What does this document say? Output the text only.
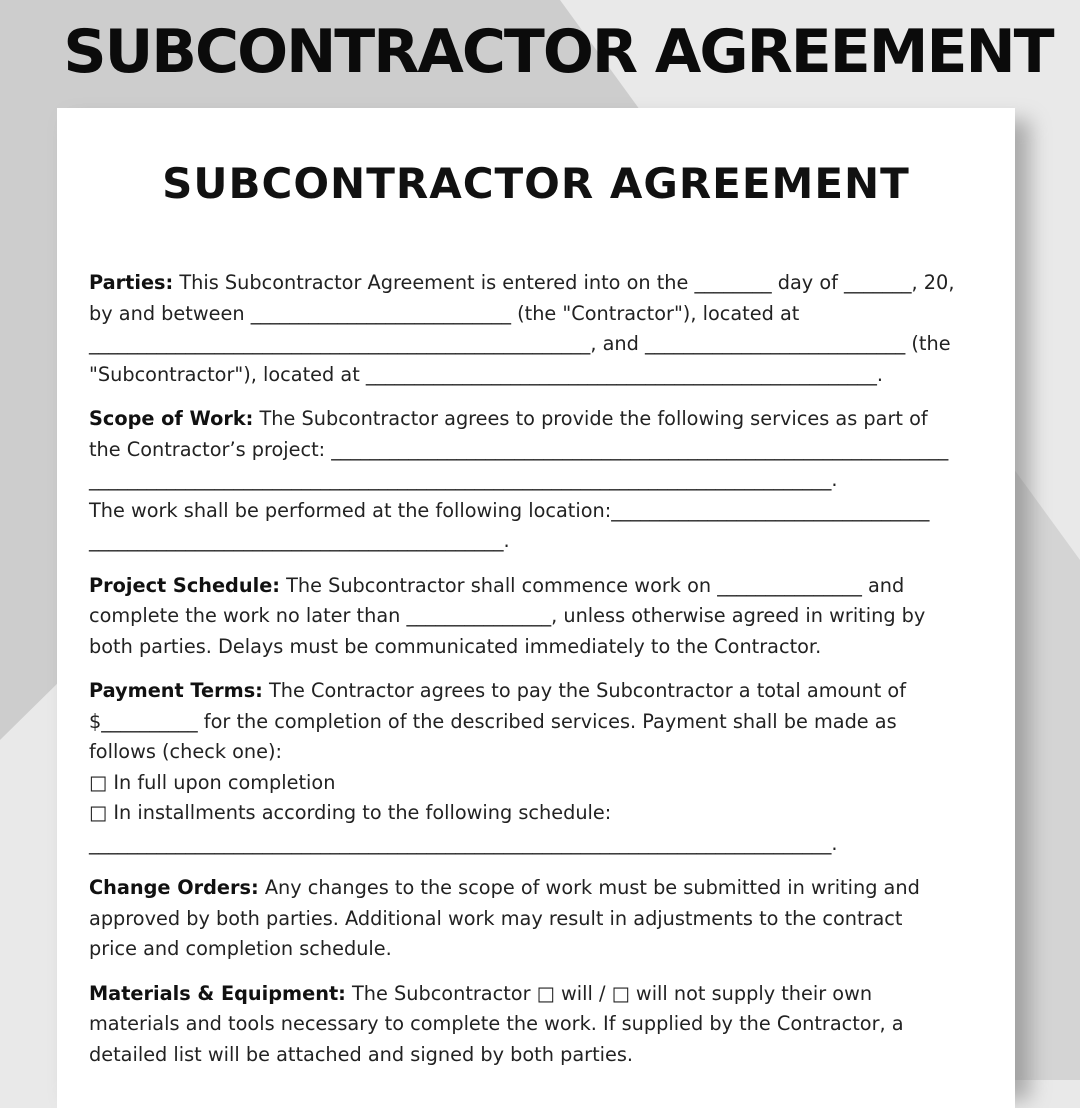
SUBCONTRACTOR AGREEMENT
SUBCONTRACTOR AGREEMENT

Parties: This Subcontractor Agreement is entered into on the ________ day of _______, 20,
by and between ___________________________ (the "Contractor"), located at
____________________________________________________, and ___________________________ (the
"Subcontractor"), located at _____________________________________________________.

Scope of Work: The Subcontractor agrees to provide the following services as part of
the Contractor’s project: ________________________________________________________________
_____________________________________________________________________________.
The work shall be performed at the following location:_________________________________
___________________________________________.

Project Schedule: The Subcontractor shall commence work on _______________ and
complete the work no later than _______________, unless otherwise agreed in writing by
both parties. Delays must be communicated immediately to the Contractor.

Payment Terms: The Contractor agrees to pay the Subcontractor a total amount of
$__________ for the completion of the described services. Payment shall be made as
follows (check one):
□ In full upon completion
□ In installments according to the following schedule:
_____________________________________________________________________________.

Change Orders: Any changes to the scope of work must be submitted in writing and
approved by both parties. Additional work may result in adjustments to the contract
price and completion schedule.

Materials & Equipment: The Subcontractor □ will / □ will not supply their own
materials and tools necessary to complete the work. If supplied by the Contractor, a
detailed list will be attached and signed by both parties.
